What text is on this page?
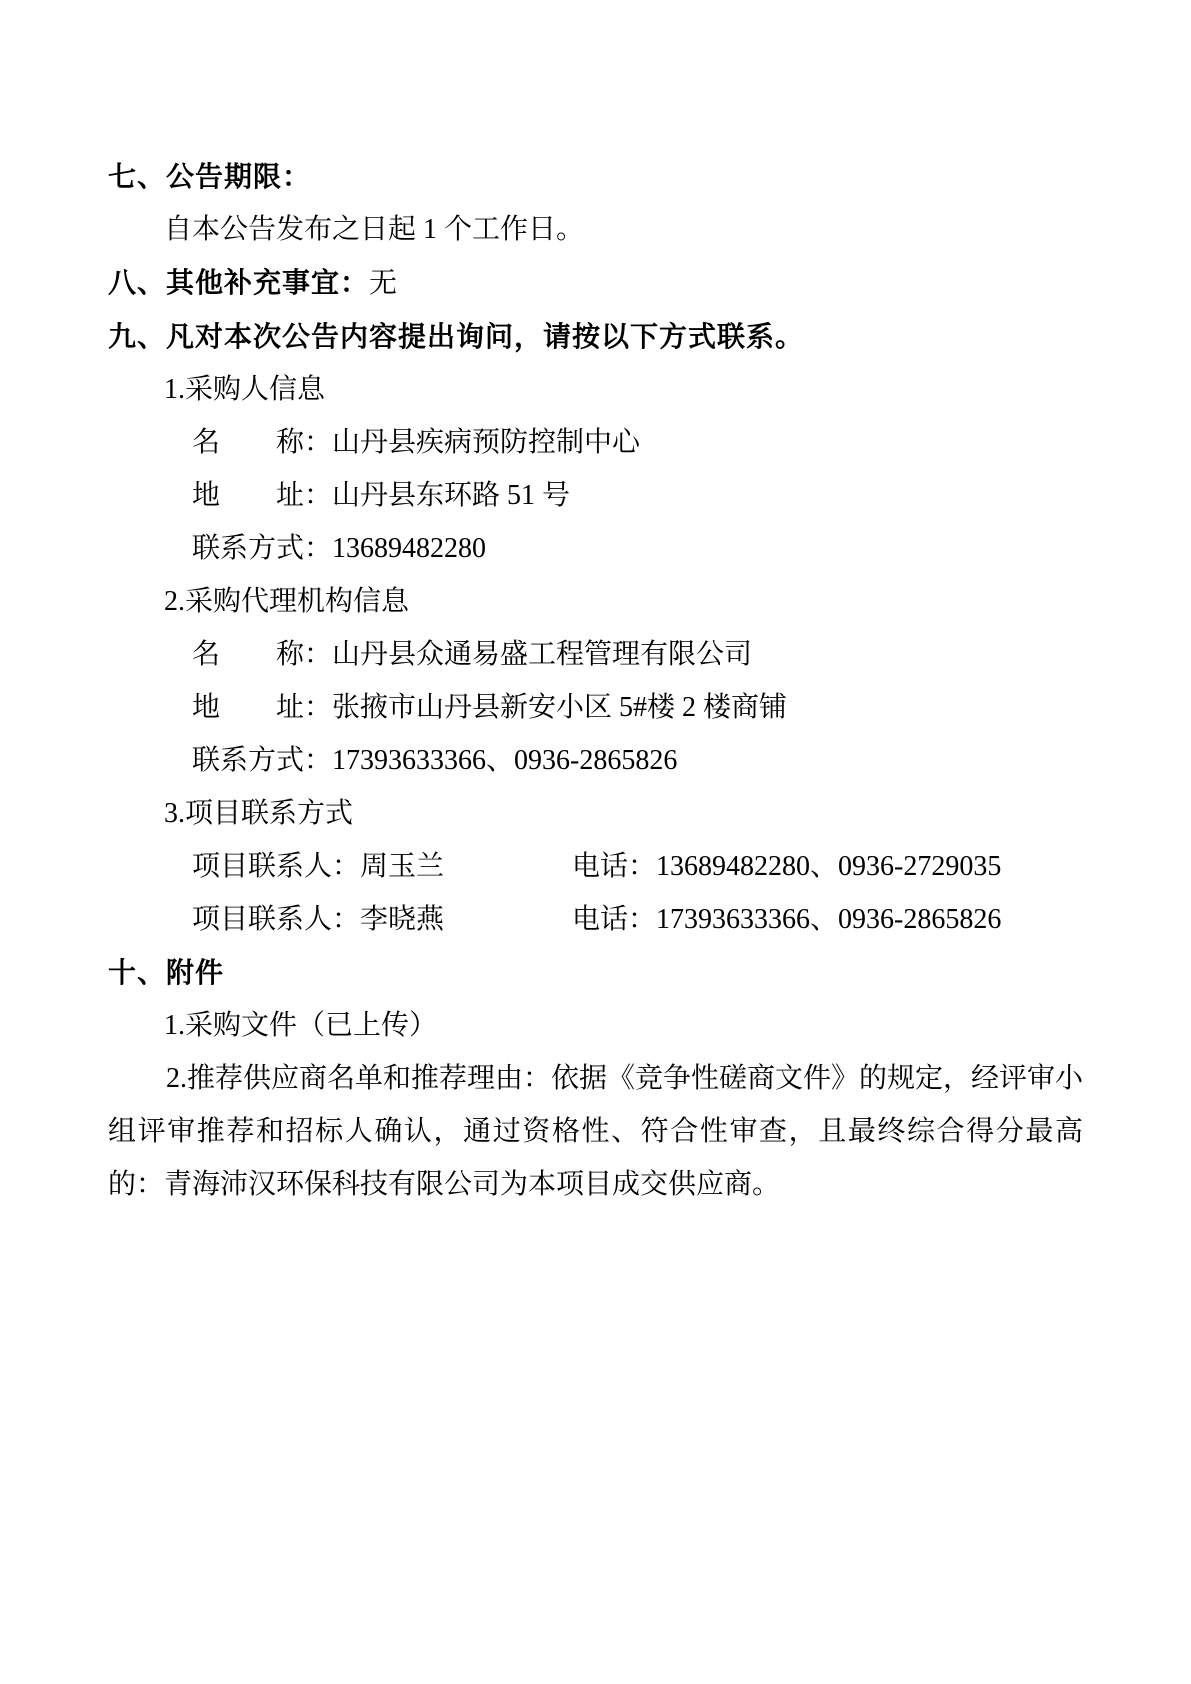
七、公告期限：
自本公告发布之日起 1 个工作日。
八、其他补充事宜：无
九、凡对本次公告内容提出询问，请按以下方式联系。
1.采购人信息
名　　称：山丹县疾病预防控制中心
地　　址：山丹县东环路 51 号
联系方式：13689482280
2.采购代理机构信息
名　　称：山丹县众通易盛工程管理有限公司
地　　址：张掖市山丹县新安小区 5#楼 2 楼商铺
联系方式：17393633366、0936-2865826
3.项目联系方式
项目联系人：周玉兰	电话：13689482280、0936-2729035
项目联系人：李晓燕	电话：17393633366、0936-2865826
十、附件
1.采购文件（已上传）
2.推荐供应商名单和推荐理由：依据《竞争性磋商文件》的规定，经评审小组评审推荐和招标人确认，通过资格性、符合性审查，且最终综合得分最高的：青海沛汉环保科技有限公司为本项目成交供应商。
